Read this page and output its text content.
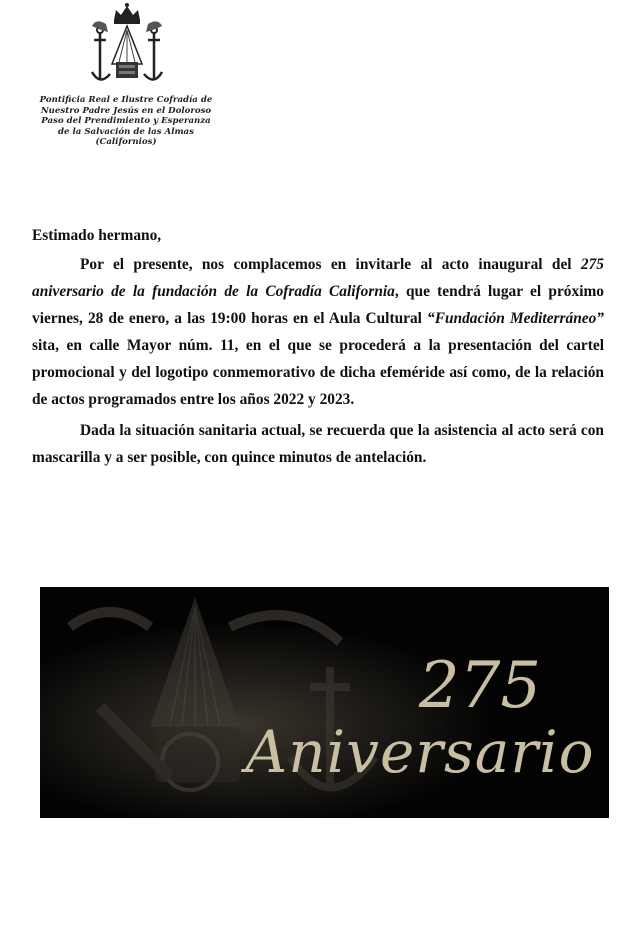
Pontificia Real e Ilustre Cofradía de
Nuestro Padre Jesús en el Doloroso
Paso del Prendimiento y Esperanza
de la Salvación de las Almas
(Californios)

Estimado hermano,

Por el presente, nos complacemos en invitarle al acto inaugural del 275 aniversario de la fundación de la Cofradía California, que tendrá lugar el próximo viernes, 28 de enero, a las 19:00 horas en el Aula Cultural “Fundación Mediterráneo” sita, en calle Mayor núm. 11, en el que se procederá a la presentación del cartel promocional y del logotipo conmemorativo de dicha efeméride así como, de la relación de actos programados entre los años 2022 y 2023.

Dada la situación sanitaria actual, se recuerda que la asistencia al acto será con mascarilla y a ser posible, con quince minutos de antelación.

275
Aniversario
